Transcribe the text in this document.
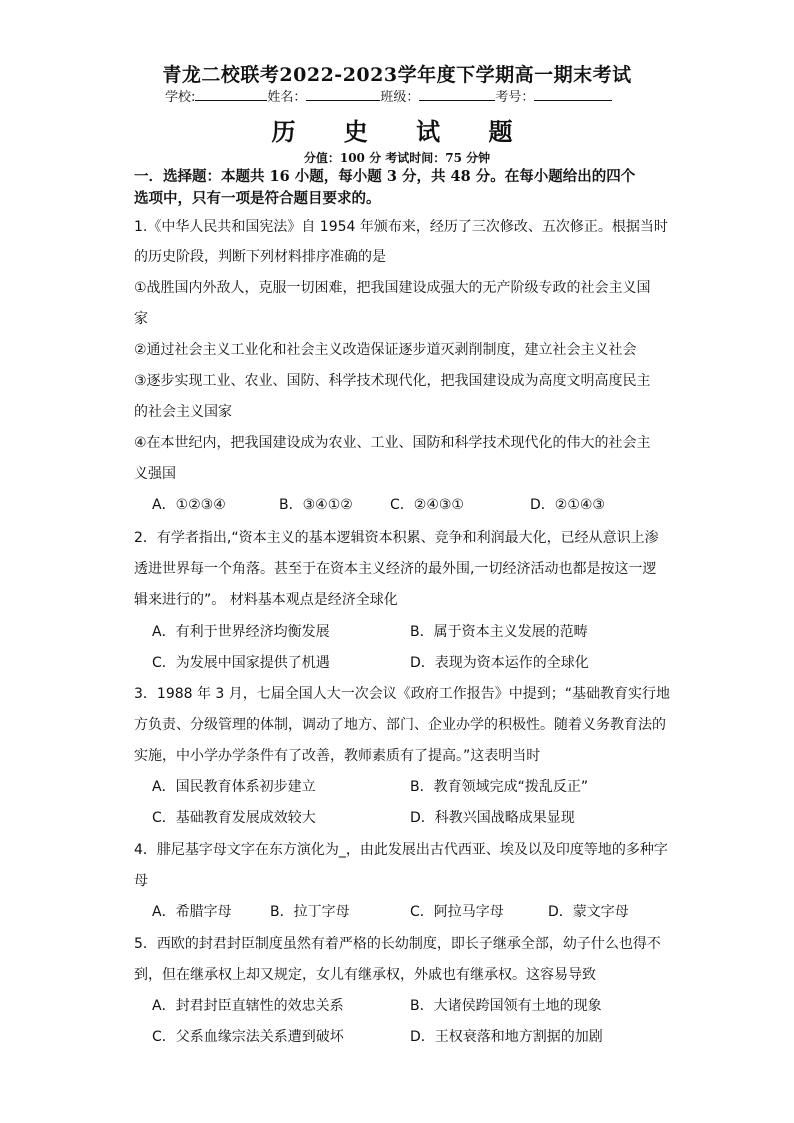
青龙二校联考2022-2023学年度下学期高一期末考试
学校:	姓名：	班级：	考号：
历 史 试 题
分值：100 分 考试时间：75 分钟
一．选择题：本题共 16 小题，每小题 3 分，共 48 分。在每小题给出的四个
选项中，只有一项是符合题目要求的。
1.《中华人民共和国宪法》自 1954 年颁布来，经历了三次修改、五次修正。根据当时
的历史阶段，判断下列材料排序准确的是
①战胜国内外敌人，克服一切困难，把我国建设成强大的无产阶级专政的社会主义国
家
②通过社会主义工业化和社会主义改造保证逐步道灭剥削制度，建立社会主义社会
③逐步实现工业、农业、国防、科学技术现代化，把我国建设成为高度文明高度民主
的社会主义国家
④在本世纪内，把我国建设成为农业、工业、国防和科学技术现代化的伟大的社会主
义强国
A．①②③④	B．③④①②	C．②④③①	D．②①④③
2．有学者指出,“资本主义的基本逻辑资本积累、竞争和利润最大化，已经从意识上渗
透进世界每一个角落。甚至于在资本主义经济的最外围,一切经济活动也都是按这一逻
辑来进行的”。 材料基本观点是经济全球化
A．有利于世界经济均衡发展	B．属于资本主义发展的范畴
C．为发展中国家提供了机遇	D．表现为资本运作的全球化
3．1988 年 3 月，七届全国人大一次会议《政府工作报告》中提到；“基础教育实行地
方负责、分级管理的体制，调动了地方、部门、企业办学的积极性。随着义务教育法的
实施，中小学办学条件有了改善，教师素质有了提高。”这表明当时
A．国民教育体系初步建立	B．教育领域完成“拨乱反正”
C．基础教育发展成效较大	D．科教兴国战略成果显现
4．腓尼基字母文字在东方演化为_，由此发展出古代西亚、埃及以及印度等地的多种字
母
A．希腊字母	B．拉丁字母	C．阿拉马字母	D．蒙文字母
5．西欧的封君封臣制度虽然有着严格的长幼制度，即长子继承全部，幼子什么也得不
到，但在继承权上却又规定，女儿有继承权，外戚也有继承权。这容易导致
A．封君封臣直辖性的效忠关系	B．大诸侯跨国领有土地的现象
C．父系血缘宗法关系遭到破坏	D．王权衰落和地方割据的加剧
